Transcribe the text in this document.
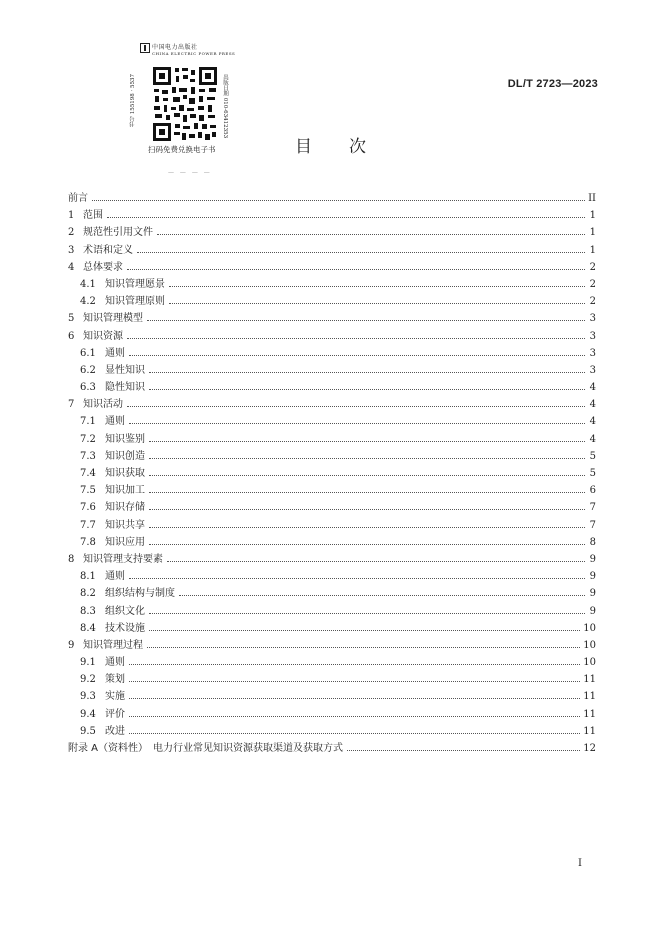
中国电力出版社
CHINA ELECTRIC POWER PRESS
书号 155198 · 5537	出版日期 010-63412353
扫码免费兑换电子书
DL/T 2723—2023
目 次
— — — —
前言	II
1 范围	1
2 规范性引用文件	1
3 术语和定义	1
4 总体要求	2
4.1 知识管理愿景	2
4.2 知识管理原则	2
5 知识管理模型	3
6 知识资源	3
6.1 通则	3
6.2 显性知识	3
6.3 隐性知识	4
7 知识活动	4
7.1 通则	4
7.2 知识鉴别	4
7.3 知识创造	5
7.4 知识获取	5
7.5 知识加工	6
7.6 知识存储	7
7.7 知识共享	7
7.8 知识应用	8
8 知识管理支持要素	9
8.1 通则	9
8.2 组织结构与制度	9
8.3 组织文化	9
8.4 技术设施	10
9 知识管理过程	10
9.1 通则	10
9.2 策划	11
9.3 实施	11
9.4 评价	11
9.5 改进	11
附录 A（资料性）　电力行业常见知识资源获取渠道及获取方式	12
I
